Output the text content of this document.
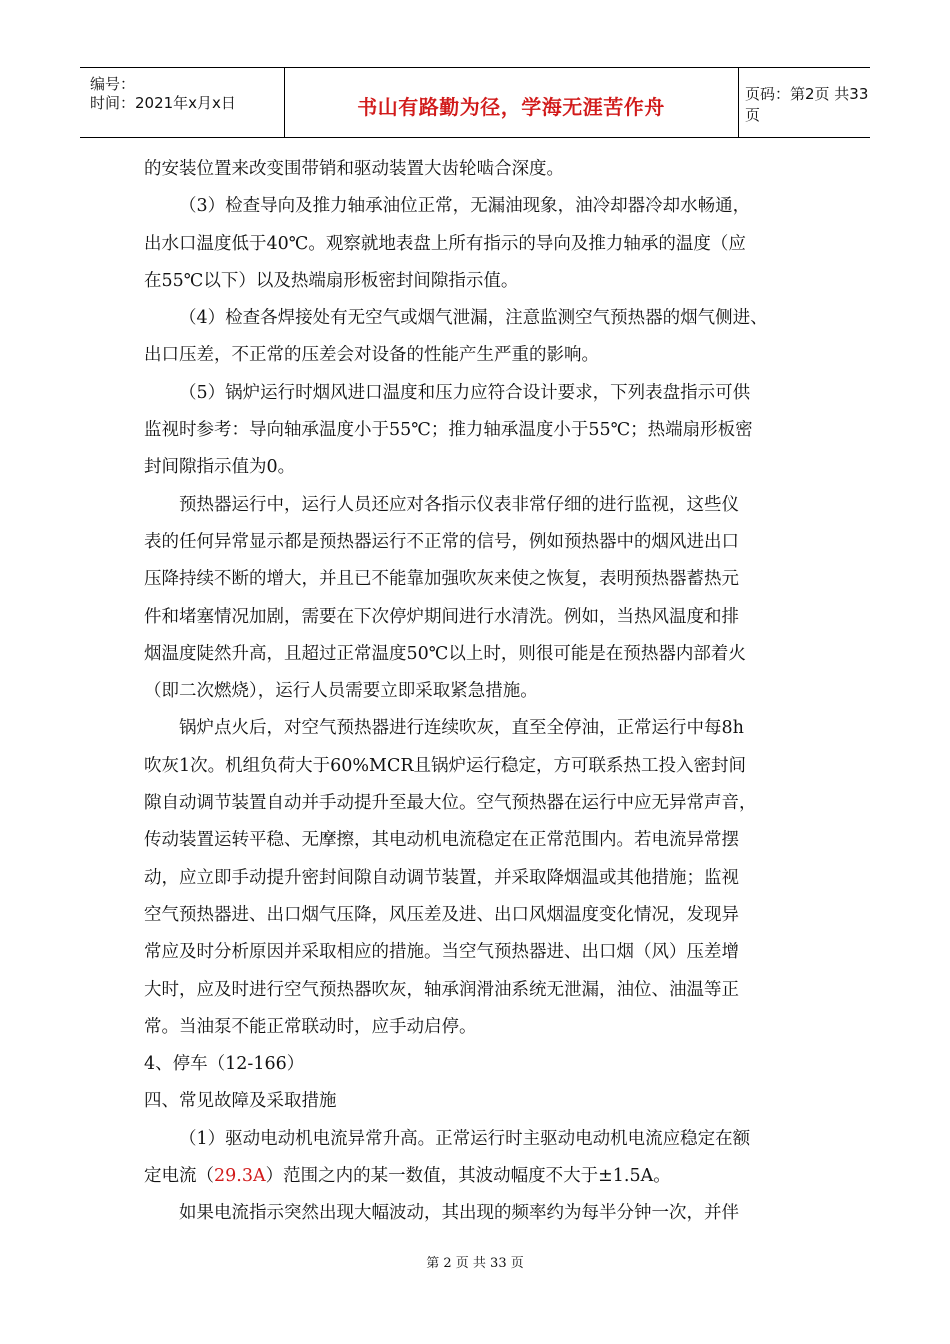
编号：
时间：2021年x月x日	书山有路勤为径，学海无涯苦作舟
页码：第2页 共33页
的安装位置来改变围带销和驱动装置大齿轮啮合深度。
（3）检查导向及推力轴承油位正常，无漏油现象，油冷却器冷却水畅通，
出水口温度低于40℃。观察就地表盘上所有指示的导向及推力轴承的温度（应
在55℃以下）以及热端扇形板密封间隙指示值。
（4）检查各焊接处有无空气或烟气泄漏，注意监测空气预热器的烟气侧进、
出口压差，不正常的压差会对设备的性能产生严重的影响。
（5）锅炉运行时烟风进口温度和压力应符合设计要求，下列表盘指示可供
监视时参考：导向轴承温度小于55℃；推力轴承温度小于55℃；热端扇形板密
封间隙指示值为0。
预热器运行中，运行人员还应对各指示仪表非常仔细的进行监视，这些仪
表的任何异常显示都是预热器运行不正常的信号，例如预热器中的烟风进出口
压降持续不断的增大，并且已不能靠加强吹灰来使之恢复，表明预热器蓄热元
件和堵塞情况加剧，需要在下次停炉期间进行水清洗。例如，当热风温度和排
烟温度陡然升高，且超过正常温度50℃以上时，则很可能是在预热器内部着火
（即二次燃烧），运行人员需要立即采取紧急措施。
锅炉点火后，对空气预热器进行连续吹灰，直至全停油，正常运行中每8h
吹灰1次。机组负荷大于60%MCR且锅炉运行稳定，方可联系热工投入密封间
隙自动调节装置自动并手动提升至最大位。空气预热器在运行中应无异常声音，
传动装置运转平稳、无摩擦，其电动机电流稳定在正常范围内。若电流异常摆
动，应立即手动提升密封间隙自动调节装置，并采取降烟温或其他措施；监视
空气预热器进、出口烟气压降，风压差及进、出口风烟温度变化情况，发现异
常应及时分析原因并采取相应的措施。当空气预热器进、出口烟（风）压差增
大时，应及时进行空气预热器吹灰，轴承润滑油系统无泄漏，油位、油温等正
常。当油泵不能正常联动时，应手动启停。
4、停车（12-166）
四、常见故障及采取措施
（1）驱动电动机电流异常升高。正常运行时主驱动电动机电流应稳定在额
定电流（29.3A）范围之内的某一数值，其波动幅度不大于±1.5A。
如果电流指示突然出现大幅波动，其出现的频率约为每半分钟一次，并伴
第 2 页 共 33 页
